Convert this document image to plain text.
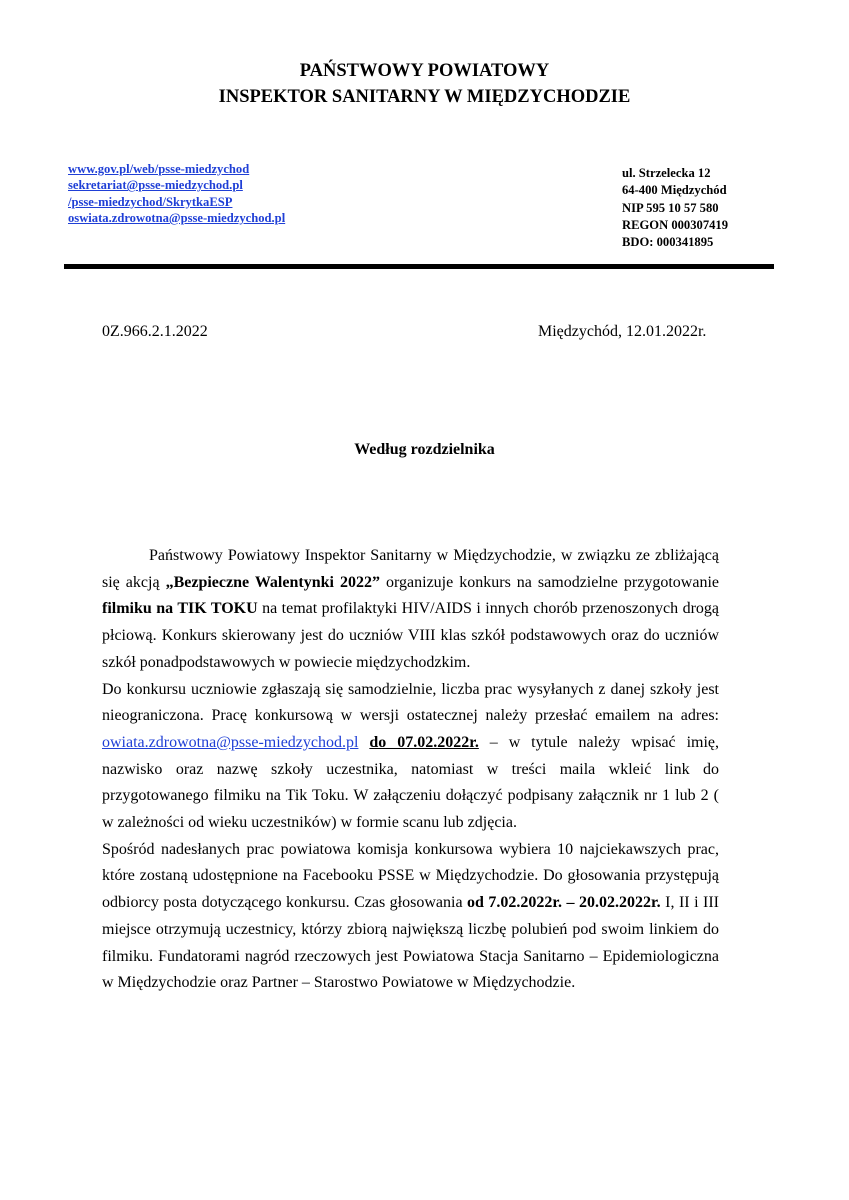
PAŃSTWOWY POWIATOWY
INSPEKTOR SANITARNY W MIĘDZYCHODZIE
www.gov.pl/web/psse-miedzychod
sekretariat@psse-miedzychod.pl
/psse-miedzychod/SkrytkaESP
oswiata.zdrowotna@psse-miedzychod.pl
ul. Strzelecka 12
64-400 Międzychód
NIP 595 10 57 580
REGON 000307419
BDO: 000341895
0Z.966.2.1.2022	Międzychód, 12.01.2022r.
Według rozdzielnika

Państwowy Powiatowy Inspektor Sanitarny w Międzychodzie, w związku ze zbliżającą się akcją „Bezpieczne Walentynki 2022” organizuje konkurs na samodzielne przygotowanie filmiku na TIK TOKU na temat profilaktyki HIV/AIDS i innych chorób przenoszonych drogą płciową. Konkurs skierowany jest do uczniów VIII klas szkół podstawowych oraz do uczniów szkół ponadpodstawowych w powiecie międzychodzkim.

Do konkursu uczniowie zgłaszają się samodzielnie, liczba prac wysyłanych z danej szkoły jest nieograniczona. Pracę konkursową w wersji ostatecznej należy przesłać emailem na adres: owiata.zdrowotna@psse-miedzychod.pl do 07.02.2022r. – w tytule należy wpisać imię, nazwisko oraz nazwę szkoły uczestnika, natomiast w treści maila wkleić link do przygotowanego filmiku na Tik Toku. W załączeniu dołączyć podpisany załącznik nr 1 lub 2 ( w zależności od wieku uczestników) w formie scanu lub zdjęcia.

Spośród nadesłanych prac powiatowa komisja konkursowa wybiera 10 najciekawszych prac, które zostaną udostępnione na Facebooku PSSE w Międzychodzie. Do głosowania przystępują odbiorcy posta dotyczącego konkursu. Czas głosowania od 7.02.2022r. – 20.02.2022r. I, II i III miejsce otrzymują uczestnicy, którzy zbiorą największą liczbę polubień pod swoim linkiem do filmiku. Fundatorami nagród rzeczowych jest Powiatowa Stacja Sanitarno – Epidemiologiczna w Międzychodzie oraz Partner – Starostwo Powiatowe w Międzychodzie.
